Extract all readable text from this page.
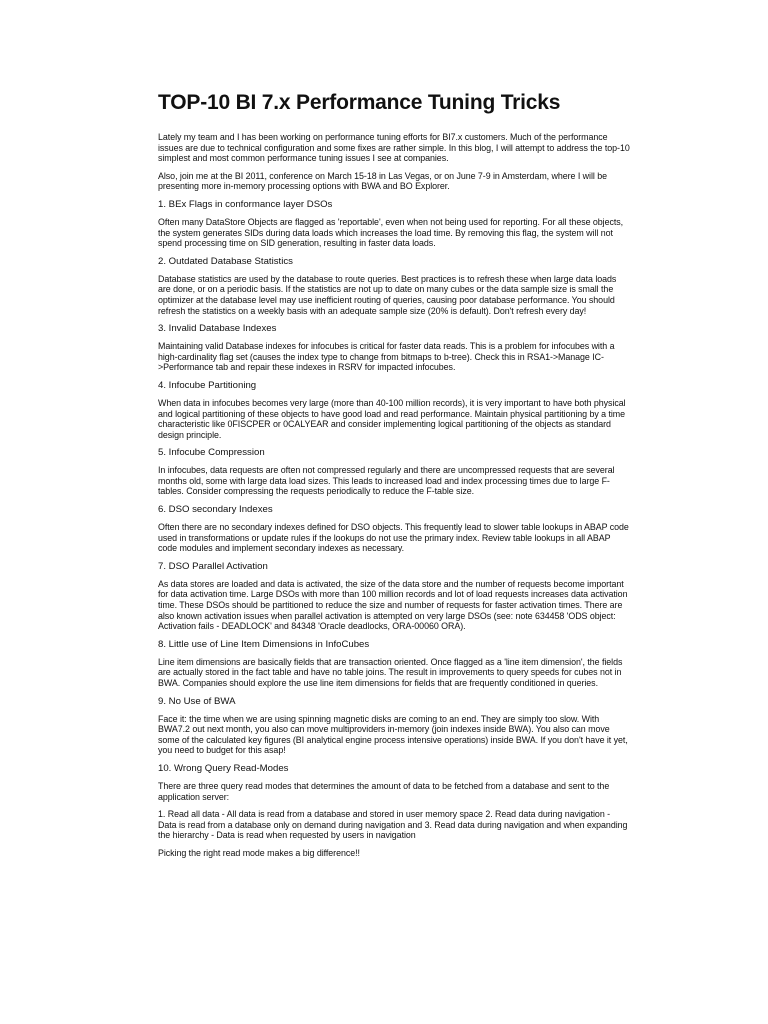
TOP-10 BI 7.x Performance Tuning Tricks

Lately my team and I has been working on performance tuning efforts for BI7.x customers. Much of the performance issues are due to technical configuration and some fixes are rather simple. In this blog, I will attempt to address the top-10 simplest and most common performance tuning issues I see at companies.

Also, join me at the BI 2011, conference on March 15-18 in Las Vegas, or on June 7-9 in Amsterdam, where I will be presenting more in-memory processing options with BWA and BO Explorer.

1. BEx Flags in conformance layer DSOs

Often many DataStore Objects are flagged as 'reportable', even when not being used for reporting. For all these objects, the system generates SIDs during data loads which increases the load time. By removing this flag, the system will not spend processing time on SID generation, resulting in faster data loads.

2. Outdated Database Statistics

Database statistics are used by the database to route queries. Best practices is to refresh these when large data loads are done, or on a periodic basis. If the statistics are not up to date on many cubes or the data sample size is small the optimizer at the database level may use inefficient routing of queries, causing poor database performance. You should refresh the statistics on a weekly basis with an adequate sample size (20% is default). Don't refresh every day!

3. Invalid Database Indexes

Maintaining valid Database indexes for infocubes is critical for faster data reads. This is a problem for infocubes with a high-cardinality flag set (causes the index type to change from bitmaps to b-tree). Check this in RSA1->Manage IC->Performance tab and repair these indexes in RSRV for impacted infocubes.

4. Infocube Partitioning

When data in infocubes becomes very large (more than 40-100 million records), it is very important to have both physical and logical partitioning of these objects to have good load and read performance. Maintain physical partitioning by a time characteristic like 0FISCPER or 0CALYEAR and consider implementing logical partitioning of the objects as standard design principle.

5. Infocube Compression

In infocubes, data requests are often not compressed regularly and there are uncompressed requests that are several months old, some with large data load sizes. This leads to increased load and index processing times due to large F-tables. Consider compressing the requests periodically to reduce the F-table size.

6. DSO secondary Indexes

Often there are no secondary indexes defined for DSO objects. This frequently lead to slower table lookups in ABAP code used in transformations or update rules if the lookups do not use the primary index. Review table lookups in all ABAP code modules and implement secondary indexes as necessary.

7. DSO Parallel Activation

As data stores are loaded and data is activated, the size of the data store and the number of requests become important for data activation time. Large DSOs with more than 100 million records and lot of load requests increases data activation time. These DSOs should be partitioned to reduce the size and number of requests for faster activation times. There are also known activation issues when parallel activation is attempted on very large DSOs (see: note 634458 'ODS object: Activation fails - DEADLOCK' and 84348 'Oracle deadlocks, ORA-00060 ORA).

8. Little use of Line Item Dimensions in InfoCubes

Line item dimensions are basically fields that are transaction oriented. Once flagged as a 'line item dimension', the fields are actually stored in the fact table and have no table joins. The result in improvements to query speeds for cubes not in BWA. Companies should explore the use line item dimensions for fields that are frequently conditioned in queries.

9. No Use of BWA

Face it: the time when we are using spinning magnetic disks are coming to an end. They are simply too slow. With BWA7.2 out next month, you also can move multiproviders in-memory (join indexes inside BWA). You also can move some of the calculated key figures (BI analytical engine process intensive operations) inside BWA. If you don't have it yet, you need to budget for this asap!

10. Wrong Query Read-Modes

There are three query read modes that determines the amount of data to be fetched from a database and sent to the application server:

1. Read all data - All data is read from a database and stored in user memory space 2. Read data during navigation - Data is read from a database only on demand during navigation and 3. Read data during navigation and when expanding the hierarchy - Data is read when requested by users in navigation

Picking the right read mode makes a big difference!!
